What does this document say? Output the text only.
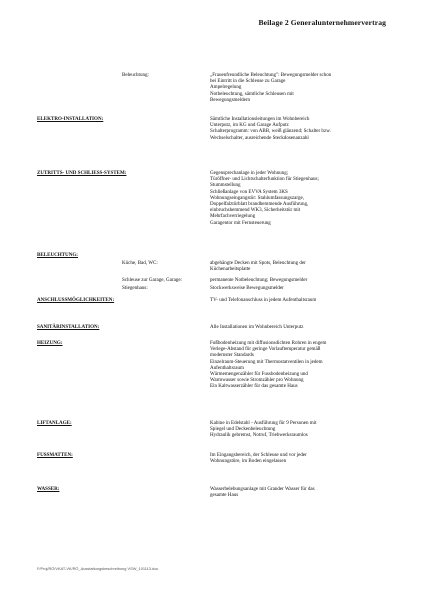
Beilage 2 Generalunternehmervertrag
Beleuchtung:	„Frauenfreundliche Beleuchtung": Bewegungsmelder schon
bei Eintritt in die Schleuse zu Garage
Ampelregelung
Notbeleuchtung, sämtliche Schleusen mit
Bewegungsmeldern
ELEKTRO-INSTALLATION:	Sämtliche Installationsleitungen im Wohnbereich
Unterputz, im KG und Garage Aufputz
Schalterprogramm: von ABB, weiß glänzend; Schalter bzw.
Wechselschalter, ausreichende Steckdosenanzahl
ZUTRITTS- UND SCHLIESS-SYSTEM:	Gegensprechanlage in jeder Wohnung;
Türöffner- und Lichtschalterfunktion für Stiegenhaus;
Stummstellung
Schließanlage von EVVA System 3KS
Wohnungseingangstür: Stahlumfassungszarge,
Doppelfalztürblatt brandhemmende Ausführung,
einbruchshemmend WK3, Sicherheitstür mit
Mehrfachverriegelung
Garagentor mit Fernsteuerung
BELEUCHTUNG:
Küche, Bad, WC:	abgehängte Decken mit Spots, Beleuchtung der
Küchenarbeitsplatte
Schleuse zur Garage, Garage:	permanente Notbeleuchtung; Bewegungsmelder
Stiegenhaus:	Stockwerksweise Bewegungsmelder
ANSCHLUSSMÖGLICHKEITEN:	TV- und Telefonanschluss in jedem Aufenthaltsraum
SANITÄRINSTALLATION:	Alle Installationen im Wohnbereich Unterputz
HEIZUNG:	Fußbodenheizung mit diffusionsdichten Rohren in engem
Verlege-Abstand für geringe Vorlauftemperatur gemäß
modernster Standards
Einzelraum-Steuerung mit Thermostatventilen in jedem
Aufenthaltsraum
Wärmemengenzähler für Fussbodenheizung und
Warmwasser sowie Stromzähler pro Wohnung
Ein Kaltwasserzähler für das gesamte Haus
LIFTANLAGE:	Kabine in Edelstahl - Ausführung für 9 Personen mit
Spiegel und Deckenbeleuchtung
Hydraulik gebremst, Notruf, Triebwerksraumlos
FUSSMATTEN:	Im Eingangsbereich, der Schleuse und vor jeder
Wohnungstüre, im Boden eingelassen
WASSER:	Wasserbelebungsanlage mit Grander Wasser für das
gesamte Haus
F/Proj/RÖ/VKAT-VK/RÖ_Ausstattungsbeschreibung VSW_101113.doc
